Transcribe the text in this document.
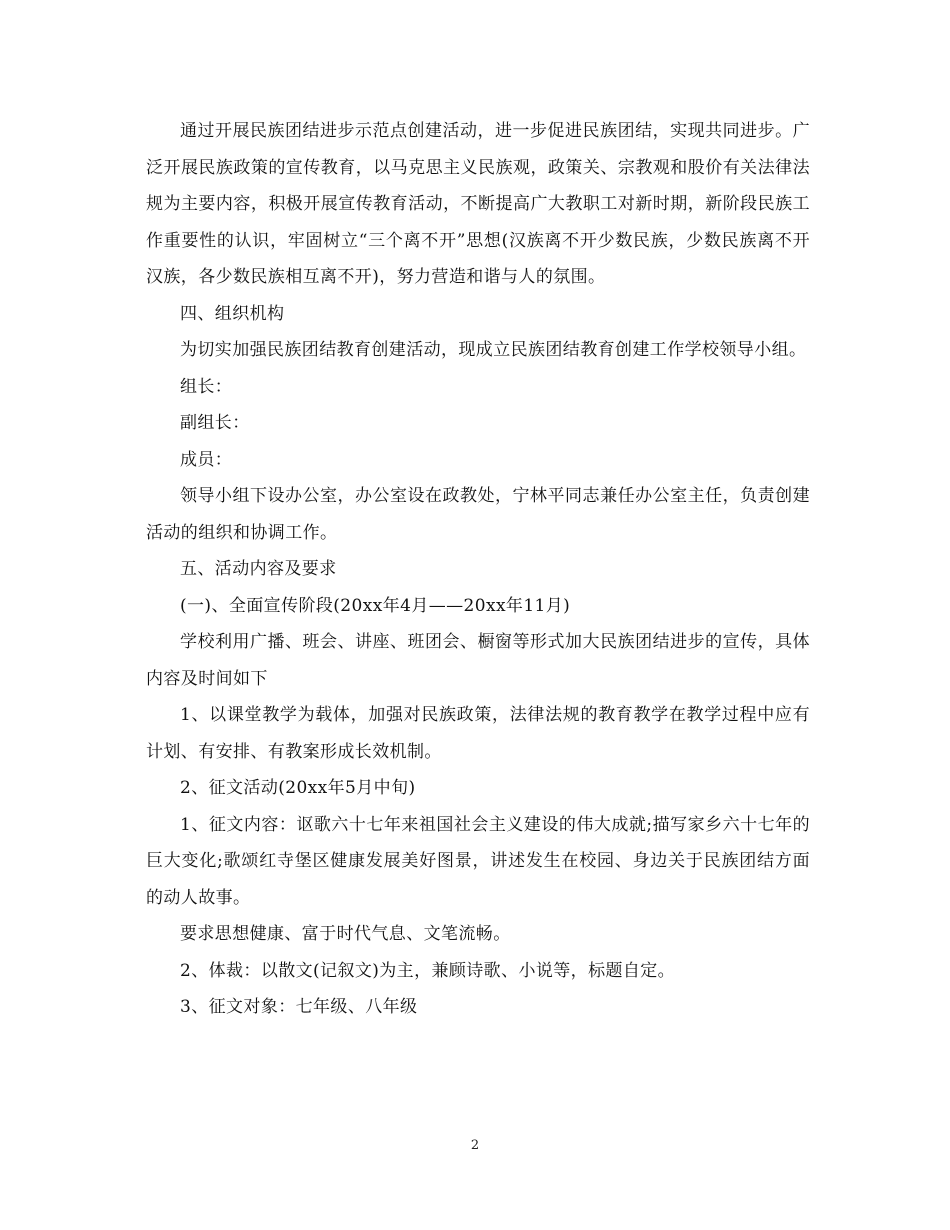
通过开展民族团结进步示范点创建活动，进一步促进民族团结，实现共同进步。广泛开展民族政策的宣传教育，以马克思主义民族观，政策关、宗教观和股价有关法律法规为主要内容，积极开展宣传教育活动，不断提高广大教职工对新时期，新阶段民族工作重要性的认识，牢固树立“三个离不开”思想(汉族离不开少数民族，少数民族离不开汉族，各少数民族相互离不开)，努力营造和谐与人的氛围。

四、组织机构

为切实加强民族团结教育创建活动，现成立民族团结教育创建工作学校领导小组。

组长：

副组长：

成员：

领导小组下设办公室，办公室设在政教处，宁林平同志兼任办公室主任，负责创建活动的组织和协调工作。

五、活动内容及要求

(一)、全面宣传阶段(20xx年4月——20xx年11月)

学校利用广播、班会、讲座、班团会、橱窗等形式加大民族团结进步的宣传，具体内容及时间如下

1、以课堂教学为载体，加强对民族政策，法律法规的教育教学在教学过程中应有计划、有安排、有教案形成长效机制。

2、征文活动(20xx年5月中旬)

1、征文内容：讴歌六十七年来祖国社会主义建设的伟大成就;描写家乡六十七年的巨大变化;歌颂红寺堡区健康发展美好图景，讲述发生在校园、身边关于民族团结方面的动人故事。

要求思想健康、富于时代气息、文笔流畅。

2、体裁：以散文(记叙文)为主，兼顾诗歌、小说等，标题自定。

3、征文对象：七年级、八年级

2
